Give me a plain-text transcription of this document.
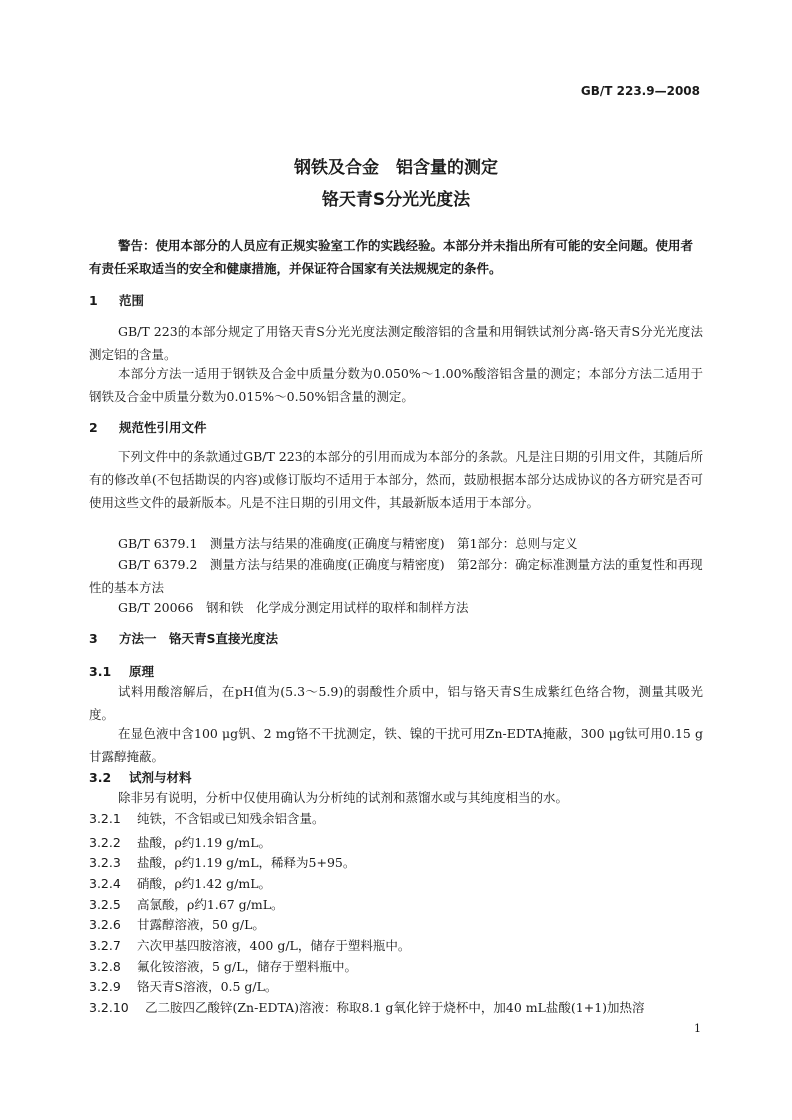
GB/T 223.9—2008
钢铁及合金　铝含量的测定
铬天青S分光光度法
警告：使用本部分的人员应有正规实验室工作的实践经验。本部分并未指出所有可能的安全问题。使用者有责任采取适当的安全和健康措施，并保证符合国家有关法规规定的条件。
1 范围
GB/T 223的本部分规定了用铬天青S分光光度法测定酸溶铝的含量和用铜铁试剂分离-铬天青S分光光度法测定铝的含量。
本部分方法一适用于钢铁及合金中质量分数为0.050%～1.00%酸溶铝含量的测定；本部分方法二适用于钢铁及合金中质量分数为0.015%～0.50%铝含量的测定。
2 规范性引用文件
下列文件中的条款通过GB/T 223的本部分的引用而成为本部分的条款。凡是注日期的引用文件，其随后所有的修改单(不包括勘误的内容)或修订版均不适用于本部分，然而，鼓励根据本部分达成协议的各方研究是否可使用这些文件的最新版本。凡是不注日期的引用文件，其最新版本适用于本部分。
GB/T 6379.1　测量方法与结果的准确度(正确度与精密度)　第1部分：总则与定义
GB/T 6379.2　测量方法与结果的准确度(正确度与精密度)　第2部分：确定标准测量方法的重复性和再现性的基本方法
GB/T 20066　钢和铁　化学成分测定用试样的取样和制样方法
3 方法一　铬天青S直接光度法
3.1 原理
试料用酸溶解后，在pH值为(5.3～5.9)的弱酸性介质中，铝与铬天青S生成紫红色络合物，测量其吸光度。
在显色液中含100 μg钒、2 mg铬不干扰测定，铁、镍的干扰可用Zn-EDTA掩蔽，300 μg钛可用0.15 g甘露醇掩蔽。
3.2 试剂与材料
除非另有说明，分析中仅使用确认为分析纯的试剂和蒸馏水或与其纯度相当的水。
3.2.1 纯铁，不含铝或已知残余铝含量。
3.2.2 盐酸，ρ约1.19 g/mL。
3.2.3 盐酸，ρ约1.19 g/mL，稀释为5+95。
3.2.4 硝酸，ρ约1.42 g/mL。
3.2.5 高氯酸，ρ约1.67 g/mL。
3.2.6 甘露醇溶液，50 g/L。
3.2.7 六次甲基四胺溶液，400 g/L，储存于塑料瓶中。
3.2.8 氟化铵溶液，5 g/L，储存于塑料瓶中。
3.2.9 铬天青S溶液，0.5 g/L。
3.2.10 乙二胺四乙酸锌(Zn-EDTA)溶液：称取8.1 g氧化锌于烧杯中，加40 mL盐酸(1+1)加热溶
1
